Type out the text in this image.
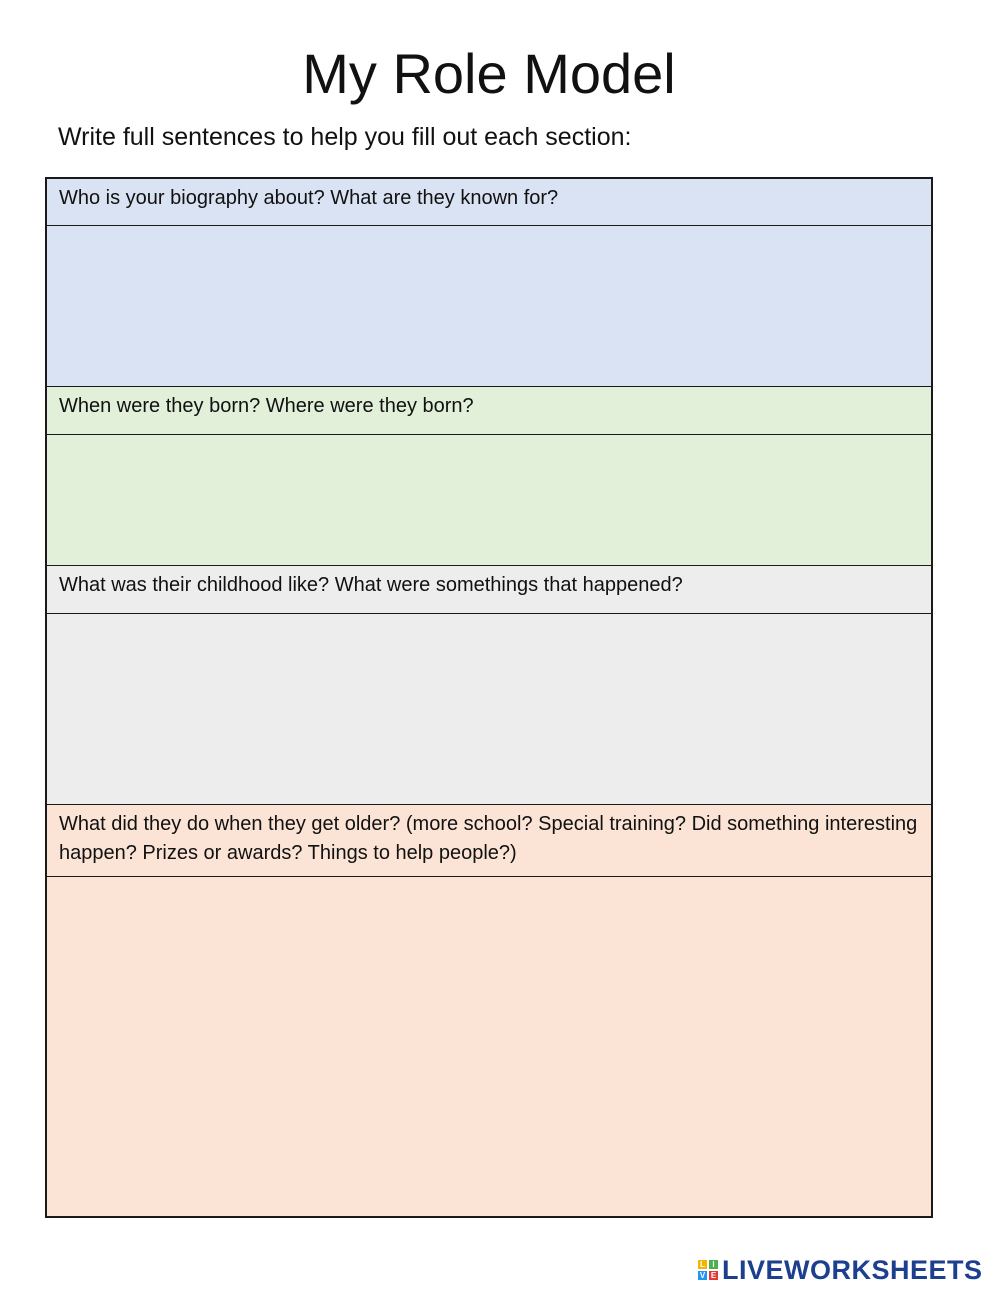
My Role Model
Write full sentences to help you fill out each section:
Who is your biography about? What are they known for?
When were they born? Where were they born?
What was their childhood like? What were somethings that happened?
What did they do when they get older? (more school? Special training? Did something interesting happen? Prizes or awards? Things to help people?)
L I
V E LIVEWORKSHEETS
